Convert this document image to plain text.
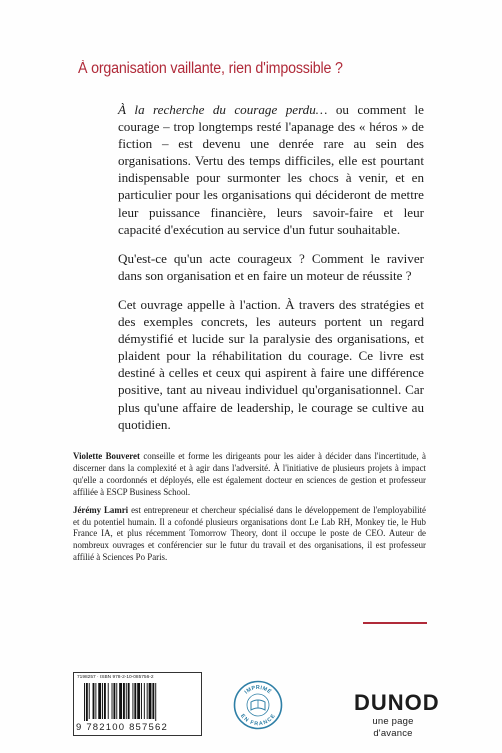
À organisation vaillante, rien d'impossible ?

À la recherche du courage perdu… ou comment le courage – trop longtemps resté l'apanage des « héros » de fiction – est devenu une denrée rare au sein des organisations. Vertu des temps difficiles, elle est pourtant indispensable pour surmonter les chocs à venir, et en particulier pour les organisations qui décideront de mettre leur puissance financière, leurs savoir-faire et leur capacité d'exécution au service d'un futur souhaitable.

Qu'est-ce qu'un acte courageux ? Comment le raviver dans son organisation et en faire un moteur de réussite ?

Cet ouvrage appelle à l'action. À travers des stratégies et des exemples concrets, les auteurs portent un regard démystifié et lucide sur la paralysie des organisations, et plaident pour la réhabilitation du courage. Ce livre est destiné à celles et ceux qui aspirent à faire une différence positive, tant au niveau individuel qu'organisationnel. Car plus qu'une affaire de leadership, le courage se cultive au quotidien.

Violette Bouveret conseille et forme les dirigeants pour les aider à décider dans l'incertitude, à discerner dans la complexité et à agir dans l'adversité. À l'initiative de plusieurs projets à impact qu'elle a coordonnés et déployés, elle est également docteur en sciences de gestion et professeur affiliée à ESCP Business School.

Jérémy Lamri est entrepreneur et chercheur spécialisé dans le développement de l'employabilité et du potentiel humain. Il a cofondé plusieurs organisations dont Le Lab RH, Monkey tie, le Hub France IA, et plus récemment Tomorrow Theory, dont il occupe le poste de CEO. Auteur de nombreux ouvrages et conférencier sur le futur du travail et des organisations, il est professeur affilié à Sciences Po Paris.

7198257 · ISBN 978-2-10-085756-2
9 782100 857562
IMPRIMÉ
EN FRANCE
DUNOD
une page d'avance
